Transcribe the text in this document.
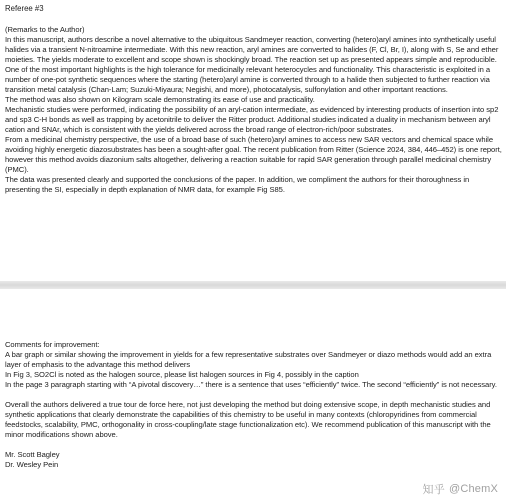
Referee #3

(Remarks to the Author)

In this manuscript, authors describe a novel alternative to the ubiquitous Sandmeyer reaction, converting (hetero)aryl amines into synthetically useful halides via a transient N-nitroamine intermediate. With this new reaction, aryl amines are converted to halides (F, Cl, Br, I), along with S, Se and ether moieties. The yields moderate to excellent and scope shown is shockingly broad. The reaction set up as presented appears simple and reproducible.

One of the most important highlights is the high tolerance for medicinally relevant heterocycles and functionality. This characteristic is exploited in a number of one-pot synthetic sequences where the starting (hetero)aryl amine is converted through to a halide then subjected to further reaction via transition metal catalysis (Chan-Lam; Suzuki-Miyaura; Negishi, and more), photocatalysis, sulfonylation and other important reactions.

The method was also shown on Kilogram scale demonstrating its ease of use and practicality.

Mechanistic studies were performed, indicating the possibility of an aryl-cation intermediate, as evidenced by interesting products of insertion into sp2 and sp3 C-H bonds as well as trapping by acetonitrile to deliver the Ritter product. Additional studies indicated a duality in mechanism between aryl cation and SNAr, which is consistent with the yields delivered across the broad range of electron-rich/poor substrates.

From a medicinal chemistry perspective, the use of a broad base of such (hetero)aryl amines to access new SAR vectors and chemical space while avoiding highly energetic diazosubstrates has been a sought-after goal. The recent publication from Ritter (Science 2024, 384, 446–452) is one report, however this method avoids diazonium salts altogether, delivering a reaction suitable for rapid SAR generation through parallel medicinal chemistry (PMC).

The data was presented clearly and supported the conclusions of the paper. In addition, we compliment the authors for their thoroughness in presenting the SI, especially in depth explanation of NMR data, for example Fig S85.

Comments for improvement:

A bar graph or similar showing the improvement in yields for a few representative substrates over Sandmeyer or diazo methods would add an extra layer of emphasis to the advantage this method delivers

In Fig 3, SO2Cl is noted as the halogen source, please list halogen sources in Fig 4, possibly in the caption

In the page 3 paragraph starting with “A pivotal discovery…” there is a sentence that uses “efficiently” twice. The second “efficiently” is not necessary.

Overall the authors delivered a true tour de force here, not just developing the method but doing extensive scope, in depth mechanistic studies and synthetic applications that clearly demonstrate the capabilities of this chemistry to be useful in many contexts (chloropyridines from commercial feedstocks, scalability, PMC, orthogonality in cross-coupling/late stage functionalization etc). We recommend publication of this manuscript with the minor modifications shown above.

Mr. Scott Bagley

Dr. Wesley Pein

知乎 @ChemX
